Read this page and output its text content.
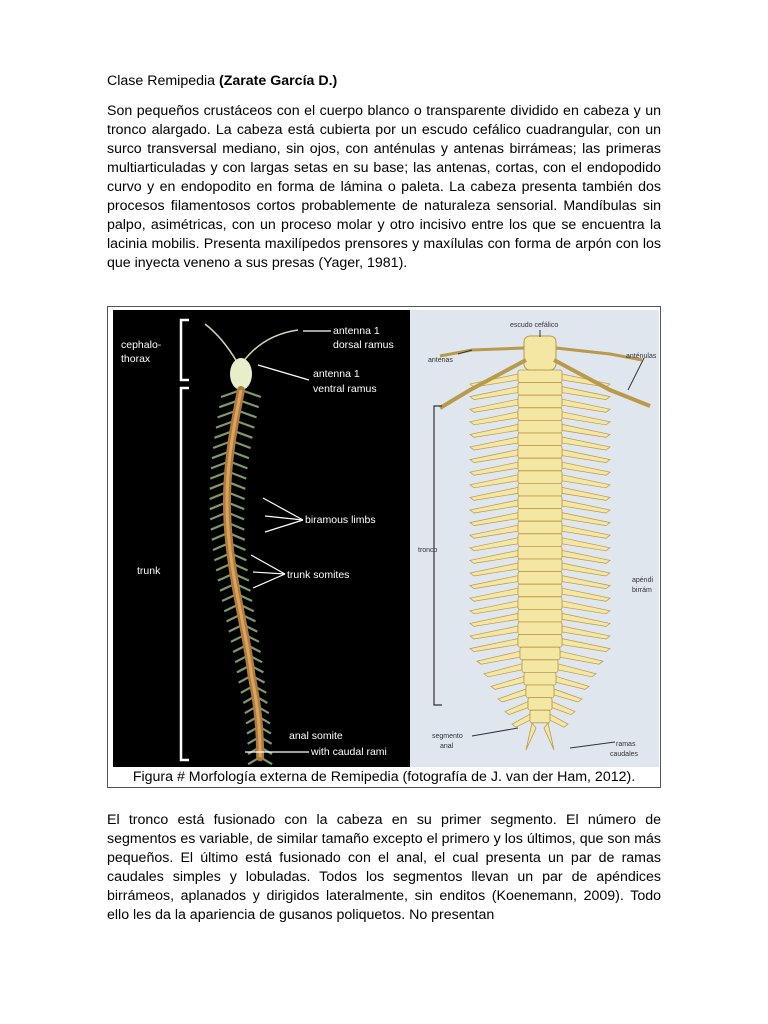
Clase Remipedia (Zarate García D.)
Son pequeños crustáceos con el cuerpo blanco o transparente dividido en cabeza y un tronco alargado. La cabeza está cubierta por un escudo cefálico cuadrangular, con un surco transversal mediano, sin ojos, con anténulas y antenas birrámeas; las primeras multiarticuladas y con largas setas en su base; las antenas, cortas, con el endopodido curvo y en endopodito en forma de lámina o paleta. La cabeza presenta también dos procesos filamentosos cortos probablemente de naturaleza sensorial. Mandíbulas sin palpo, asimétricas, con un proceso molar y otro incisivo entre los que se encuentra la lacinia mobilis. Presenta maxilípedos prensores y maxílulas con forma de arpón con los que inyecta veneno a sus presas (Yager, 1981).
cephalo-
thorax
antenna 1
dorsal ramus
antenna 1
ventral ramus
biramous limbs
trunk	trunk somites
anal somite
with caudal rami
escudo cefálico
antenas
anténulas
tronco
apéndi
birrám
segmento
anal	ramas
caudales
Figura # Morfología externa de Remipedia (fotografía de J. van der Ham, 2012).
El tronco está fusionado con la cabeza en su primer segmento. El número de segmentos es variable, de similar tamaño excepto el primero y los últimos, que son más pequeños. El último está fusionado con el anal, el cual presenta un par de ramas caudales simples y lobuladas. Todos los segmentos llevan un par de apéndices birrámeos, aplanados y dirigidos lateralmente, sin enditos (Koenemann, 2009). Todo ello les da la apariencia de gusanos poliquetos. No presentan
